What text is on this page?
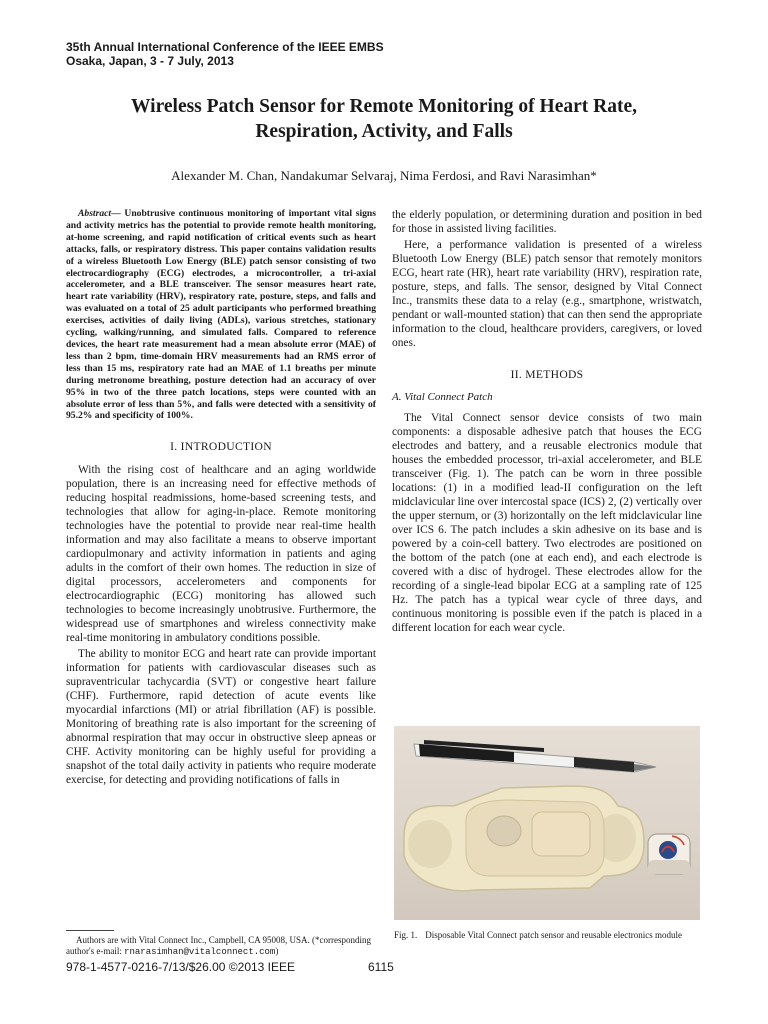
35th Annual International Conference of the IEEE EMBS
Osaka, Japan, 3 - 7 July, 2013
Wireless Patch Sensor for Remote Monitoring of Heart Rate,
Respiration, Activity, and Falls
Alexander M. Chan, Nandakumar Selvaraj, Nima Ferdosi, and Ravi Narasimhan*

Abstract— Unobtrusive continuous monitoring of important vital signs and activity metrics has the potential to provide remote health monitoring, at-home screening, and rapid notification of critical events such as heart attacks, falls, or respiratory distress. This paper contains validation results of a wireless Bluetooth Low Energy (BLE) patch sensor consisting of two electrocardiography (ECG) electrodes, a microcontroller, a tri-axial accelerometer, and a BLE transceiver. The sensor measures heart rate, heart rate variability (HRV), respiratory rate, posture, steps, and falls and was evaluated on a total of 25 adult participants who performed breathing exercises, activities of daily living (ADLs), various stretches, stationary cycling, walking/running, and simulated falls. Compared to reference devices, the heart rate measurement had a mean absolute error (MAE) of less than 2 bpm, time-domain HRV measurements had an RMS error of less than 15 ms, respiratory rate had an MAE of 1.1 breaths per minute during metronome breathing, posture detection had an accuracy of over 95% in two of the three patch locations, steps were counted with an absolute error of less than 5%, and falls were detected with a sensitivity of 95.2% and specificity of 100%.

I. INTRODUCTION

With the rising cost of healthcare and an aging worldwide population, there is an increasing need for effective methods of reducing hospital readmissions, home-based screening tests, and technologies that allow for aging-in-place. Remote monitoring technologies have the potential to provide near real-time health information and may also facilitate a means to observe important cardiopulmonary and activity information in patients and aging adults in the comfort of their own homes. The reduction in size of digital processors, accelerometers and components for electrocardiographic (ECG) monitoring has allowed such technologies to become increasingly unobtrusive. Furthermore, the widespread use of smartphones and wireless connectivity make real-time monitoring in ambulatory conditions possible.

The ability to monitor ECG and heart rate can provide important information for patients with cardiovascular diseases such as supraventricular tachycardia (SVT) or congestive heart failure (CHF). Furthermore, rapid detection of acute events like myocardial infarctions (MI) or atrial fibrillation (AF) is possible. Monitoring of breathing rate is also important for the screening of abnormal respiration that may occur in obstructive sleep apneas or CHF. Activity monitoring can be highly useful for providing a snapshot of the total daily activity in patients who require moderate exercise, for detecting and providing notifications of falls in

Authors are with Vital Connect Inc., Campbell, CA 95008, USA. (*corresponding author's e-mail: rnarasimhan@vitalconnect.com)

the elderly population, or determining duration and position in bed for those in assisted living facilities.

Here, a performance validation is presented of a wireless Bluetooth Low Energy (BLE) patch sensor that remotely monitors ECG, heart rate (HR), heart rate variability (HRV), respiration rate, posture, steps, and falls. The sensor, designed by Vital Connect Inc., transmits these data to a relay (e.g., smartphone, wristwatch, pendant or wall-mounted station) that can then send the appropriate information to the cloud, healthcare providers, caregivers, or loved ones.

II. METHODS
A. Vital Connect Patch

The Vital Connect sensor device consists of two main components: a disposable adhesive patch that houses the ECG electrodes and battery, and a reusable electronics module that houses the embedded processor, tri-axial accelerometer, and BLE transceiver (Fig. 1). The patch can be worn in three possible locations: (1) in a modified lead-II configuration on the left midclavicular line over intercostal space (ICS) 2, (2) vertically over the upper sternum, or (3) horizontally on the left midclavicular line over ICS 6. The patch includes a skin adhesive on its base and is powered by a coin-cell battery. Two electrodes are positioned on the bottom of the patch (one at each end), and each electrode is covered with a disc of hydrogel. These electrodes allow for the recording of a single-lead bipolar ECG at a sampling rate of 125 Hz. The patch has a typical wear cycle of three days, and continuous monitoring is possible even if the patch is placed in a different location for each wear cycle.

Fig. 1. Disposable Vital Connect patch sensor and reusable electronics module
978-1-4577-0216-7/13/$26.00 ©2013 IEEE	6115
